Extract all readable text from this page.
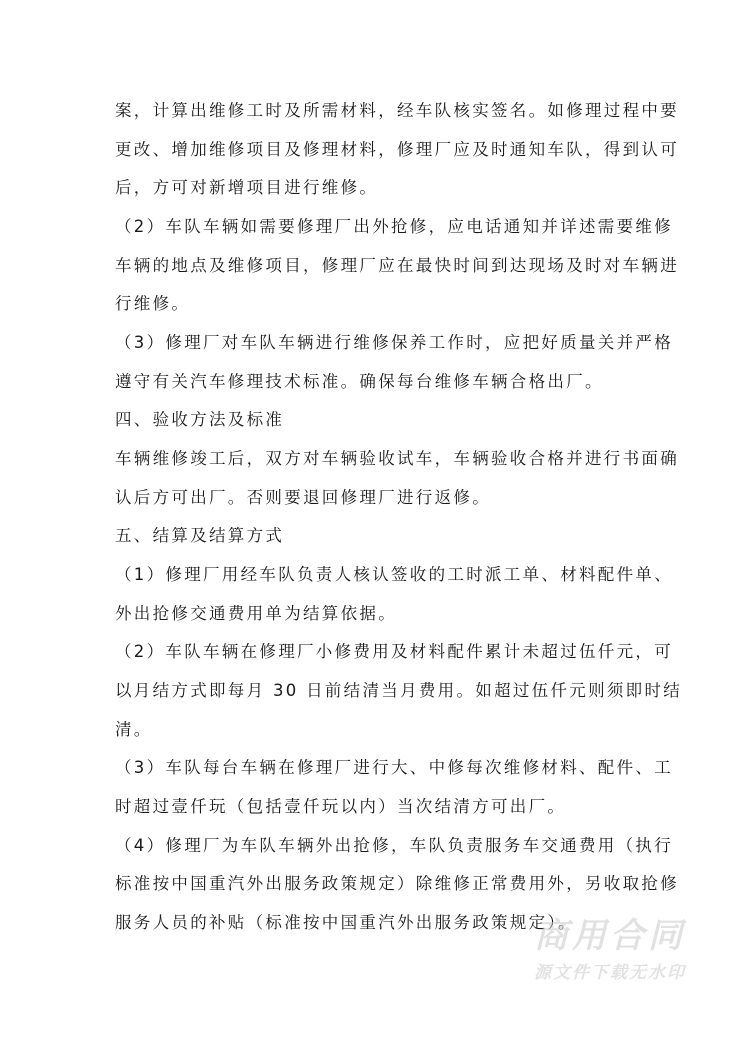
案，计算出维修工时及所需材料，经车队核实签名。如修理过程中要
更改、增加维修项目及修理材料，修理厂应及时通知车队，得到认可
后，方可对新增项目进行维修。
（2）车队车辆如需要修理厂出外抢修，应电话通知并详述需要维修
车辆的地点及维修项目，修理厂应在最快时间到达现场及时对车辆进
行维修。
（3）修理厂对车队车辆进行维修保养工作时，应把好质量关并严格
遵守有关汽车修理技术标准。确保每台维修车辆合格出厂。
四、验收方法及标准
车辆维修竣工后，双方对车辆验收试车，车辆验收合格并进行书面确
认后方可出厂。否则要退回修理厂进行返修。
五、结算及结算方式
（1）修理厂用经车队负责人核认签收的工时派工单、材料配件单、
外出抢修交通费用单为结算依据。
（2）车队车辆在修理厂小修费用及材料配件累计未超过伍仟元，可
以月结方式即每月 30 日前结清当月费用。如超过伍仟元则须即时结
清。
（3）车队每台车辆在修理厂进行大、中修每次维修材料、配件、工
时超过壹仟玩（包括壹仟玩以内）当次结清方可出厂。
（4）修理厂为车队车辆外出抢修，车队负责服务车交通费用（执行
标准按中国重汽外出服务政策规定）除维修正常费用外，另收取抢修
服务人员的补贴（标准按中国重汽外出服务政策规定）。
商用合同
源文件下载无水印
